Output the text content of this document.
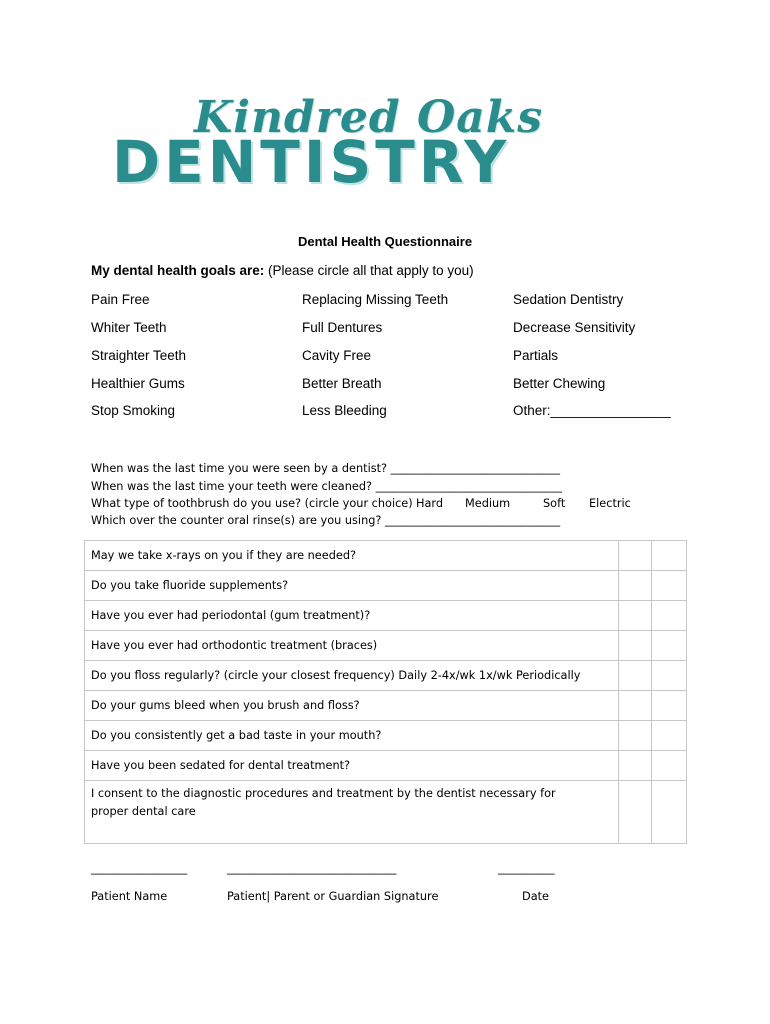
Kindred Oaks
DENTISTRY
Dental Health Questionnaire
My dental health goals are: (Please circle all that apply to you)
Pain Free	Replacing Missing Teeth	Sedation Dentistry
Whiter Teeth	Full Dentures	Decrease Sensitivity
Straighter Teeth	Cavity Free	Partials
Healthier Gums	Better Breath	Better Chewing
Stop Smoking	Less Bleeding	Other:________________
When was the last time you were seen by a dentist? ______________________________
When was the last time your teeth were cleaned? _________________________________
What type of toothbrush do you use? (circle your choice) Hard Medium	Soft Electric
Which over the counter oral rinse(s) are you using? _______________________________
May we take x-rays on you if they are needed?		
Do you take fluoride supplements?		
Have you ever had periodontal (gum treatment)?		
Have you ever had orthodontic treatment (braces)		
Do you floss regularly? (circle your closest frequency) Daily 2-4x/wk 1x/wk Periodically		
Do your gums bleed when you brush and floss?		
Do you consistently get a bad taste in your mouth?		
Have you been sedated for dental treatment?		
I consent to the diagnostic procedures and treatment by the dentist necessary for proper dental care		
_________________	______________________________	__________
Patient Name	Patient| Parent or Guardian Signature	Date
